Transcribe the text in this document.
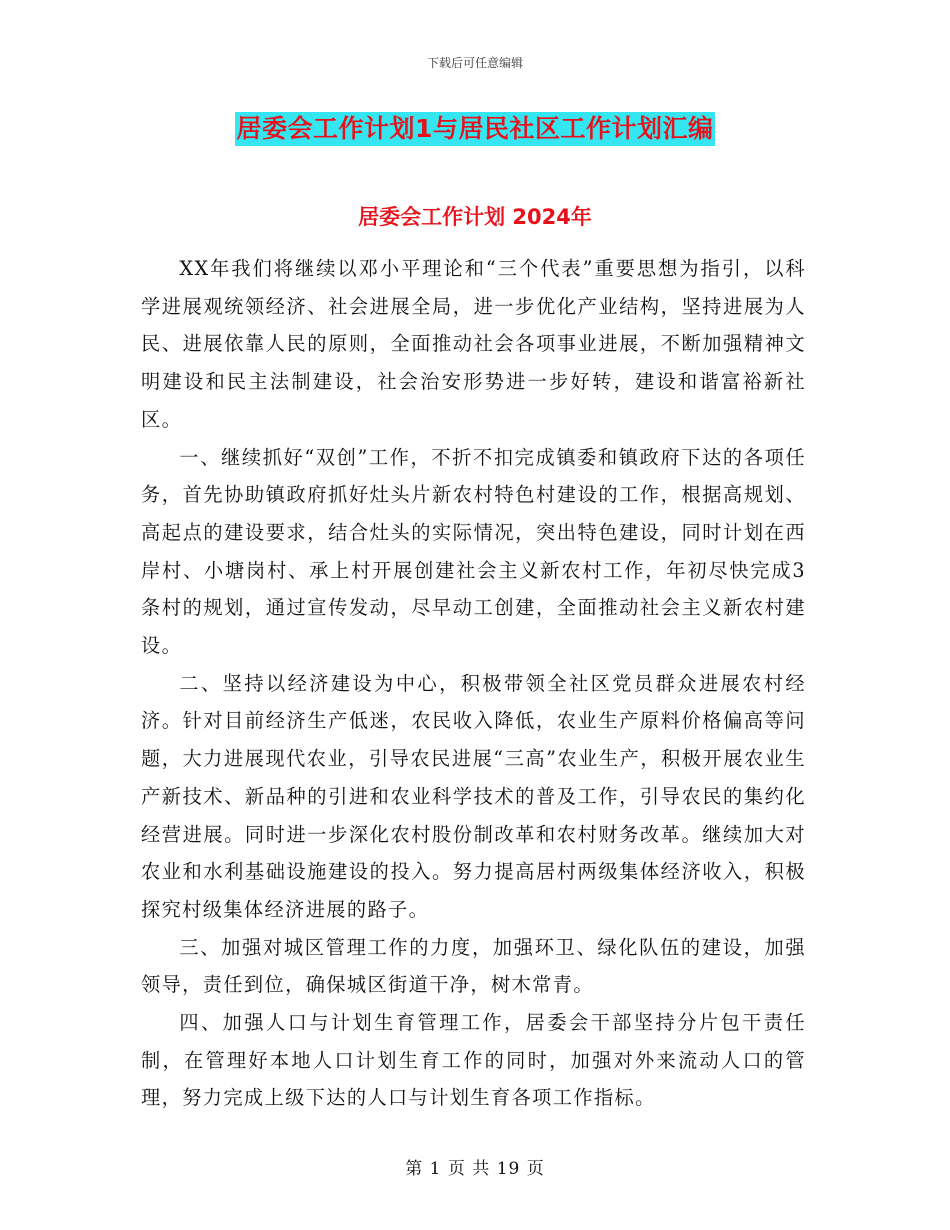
下载后可任意编辑
居委会工作计划1与居民社区工作计划汇编
居委会工作计划 2024年

XX年我们将继续以邓小平理论和“三个代表”重要思想为指引，以科学进展观统领经济、社会进展全局，进一步优化产业结构，坚持进展为人民、进展依靠人民的原则，全面推动社会各项事业进展，不断加强精神文明建设和民主法制建设，社会治安形势进一步好转，建设和谐富裕新社区。

一、继续抓好“双创”工作，不折不扣完成镇委和镇政府下达的各项任务，首先协助镇政府抓好灶头片新农村特色村建设的工作，根据高规划、高起点的建设要求，结合灶头的实际情况，突出特色建设，同时计划在西岸村、小塘岗村、承上村开展创建社会主义新农村工作，年初尽快完成3条村的规划，通过宣传发动，尽早动工创建，全面推动社会主义新农村建设。

二、坚持以经济建设为中心，积极带领全社区党员群众进展农村经济。针对目前经济生产低迷，农民收入降低，农业生产原料价格偏高等问题，大力进展现代农业，引导农民进展“三高”农业生产，积极开展农业生产新技术、新品种的引进和农业科学技术的普及工作，引导农民的集约化经营进展。同时进一步深化农村股份制改革和农村财务改革。继续加大对农业和水利基础设施建设的投入。努力提高居村两级集体经济收入，积极探究村级集体经济进展的路子。

三、加强对城区管理工作的力度，加强环卫、绿化队伍的建设，加强领导，责任到位，确保城区街道干净，树木常青。

四、加强人口与计划生育管理工作，居委会干部坚持分片包干责任制，在管理好本地人口计划生育工作的同时，加强对外来流动人口的管理，努力完成上级下达的人口与计划生育各项工作指标。

第 1 页 共 19 页
